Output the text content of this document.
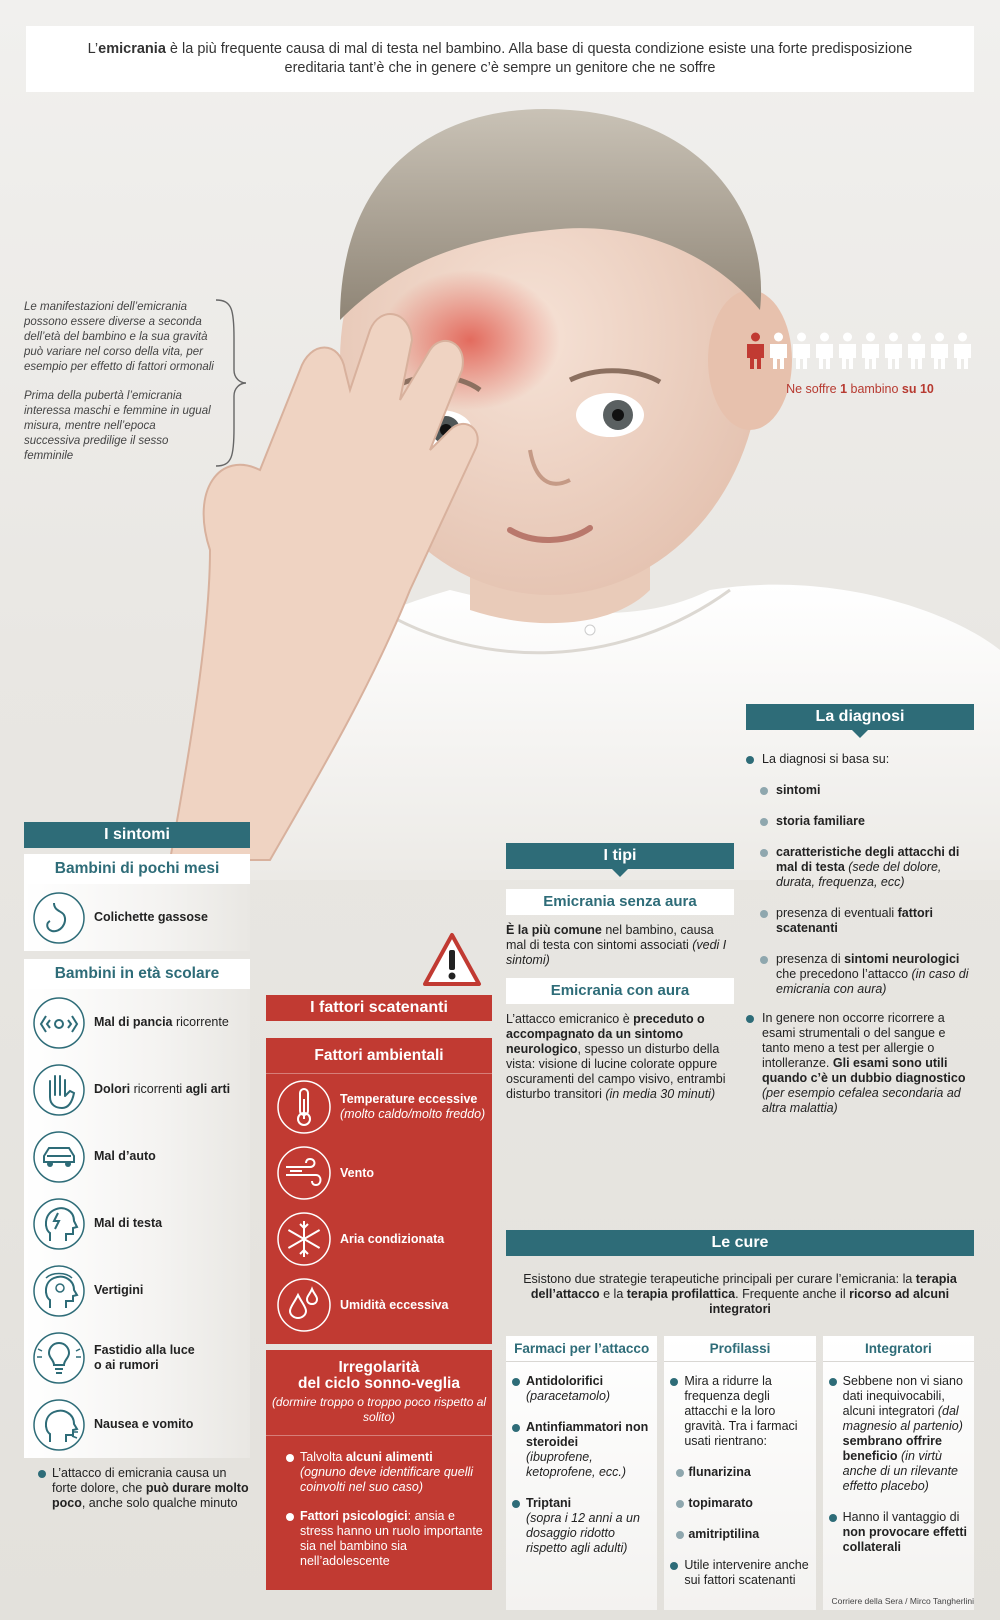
L’emicrania è la più frequente causa di mal di testa nel bambino. Alla base di questa condizione esiste una forte predisposizione
ereditaria tant’è che in genere c’è sempre un genitore che ne soffre

Le manifestazioni dell’emicrania possono essere diverse a seconda dell’età del bambino e la sua gravità può variare nel corso della vita, per esempio per effetto di fattori ormonali

Prima della pubertà l’emicrania interessa maschi e femmine in ugual misura, mentre nell’epoca successiva predilige il sesso femminile

Ne soffre 1 bambino su 10
I sintomi
Bambini di pochi mesi
Colichette gassose
Bambini in età scolare
Mal di pancia ricorrente
Dolori ricorrenti agli arti
Mal d’auto
Mal di testa
Vertigini
Fastidio alla luce
o ai rumori
Nausea e vomito
L’attacco di emicrania causa un forte dolore, che può durare molto poco, anche solo qualche minuto
I fattori scatenanti
Fattori ambientali
Temperature eccessive
(molto caldo/molto freddo)
Vento
Aria condizionata
Umidità eccessiva
Irregolarità
del ciclo sonno-veglia
(dormire troppo o troppo poco rispetto al solito)
Talvolta alcuni alimenti
(ognuno deve identificare quelli coinvolti nel suo caso)
Fattori psicologici: ansia e stress hanno un ruolo importante sia nel bambino sia nell’adolescente
I tipi
Emicrania senza aura

È la più comune nel bambino, causa mal di testa con sintomi associati (vedi I sintomi)

Emicrania con aura

L’attacco emicranico è preceduto o accompagnato da un sintomo neurologico, spesso un disturbo della vista: visione di lucine colorate oppure oscuramenti del campo visivo, entrambi disturbo transitori (in media 30 minuti)

La diagnosi
La diagnosi si basa su:
sintomi
storia familiare
caratteristiche degli attacchi di mal di testa (sede del dolore, durata, frequenza, ecc)
presenza di eventuali fattori scatenanti
presenza di sintomi neurologici che precedono l’attacco (in caso di emicrania con aura)
In genere non occorre ricorrere a esami strumentali o del sangue e tanto meno a test per allergie o intolleranze. Gli esami sono utili quando c’è un dubbio diagnostico (per esempio cefalea secondaria ad altra malattia)
Le cure
Esistono due strategie terapeutiche principali per curare l’emicrania: la terapia dell’attacco e la terapia profilattica. Frequente anche il ricorso ad alcuni integratori
Farmaci per l’attacco
Antidolorifici
(paracetamolo)
Antinfiammatori non steroidei
(ibuprofene, ketoprofene, ecc.)
Triptani
(sopra i 12 anni a un dosaggio ridotto rispetto agli adulti)
Profilassi
Mira a ridurre la frequenza degli attacchi e la loro gravità. Tra i farmaci usati rientrano:
flunarizina
topimarato
amitriptilina
Utile intervenire anche sui fattori scatenanti
Integratori
Sebbene non vi siano dati inequivocabili, alcuni integratori (dal magnesio al partenio) sembrano offrire beneficio (in virtù anche di un rilevante effetto placebo)
Hanno il vantaggio di non provocare effetti collaterali
Corriere della Sera / Mirco Tangherlini
